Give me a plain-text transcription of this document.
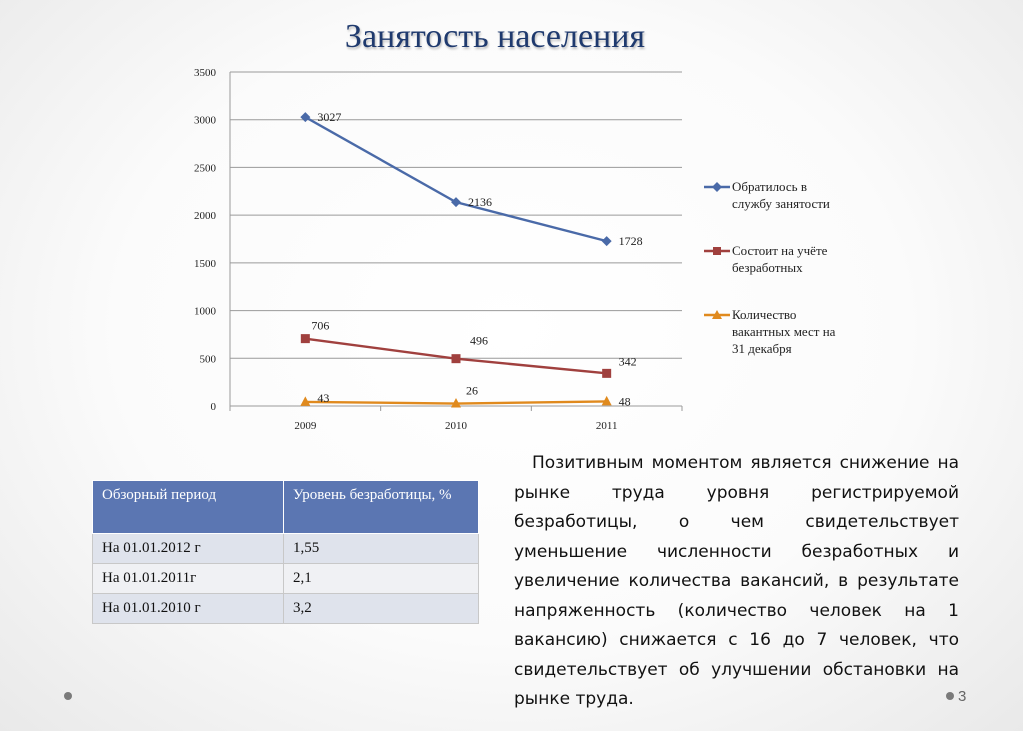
Занятость населения
0
500
1000
1500
2000
2500
3000
3500
2009	2010	2011
3027
2136
1728
706
496
342
43
26
48
Обратилось в
службу занятости
Состоит на учёте
безработных
Количество
вакантных мест на
31 декабря
Обзорный период	Уровень безработицы, %
На 01.01.2012 г	1,55
На 01.01.2011г	2,1
На 01.01.2010 г	3,2
Позитивным моментом является снижение на рынке труда уровня регистрируемой безработицы, о чем свидетельствует уменьшение численности безработных и увеличение количества вакансий, в результате напряженность (количество человек на 1 вакансию) снижается с 16 до 7 человек, что свидетельствует об улучшении обстановки на рынке труда.	3
